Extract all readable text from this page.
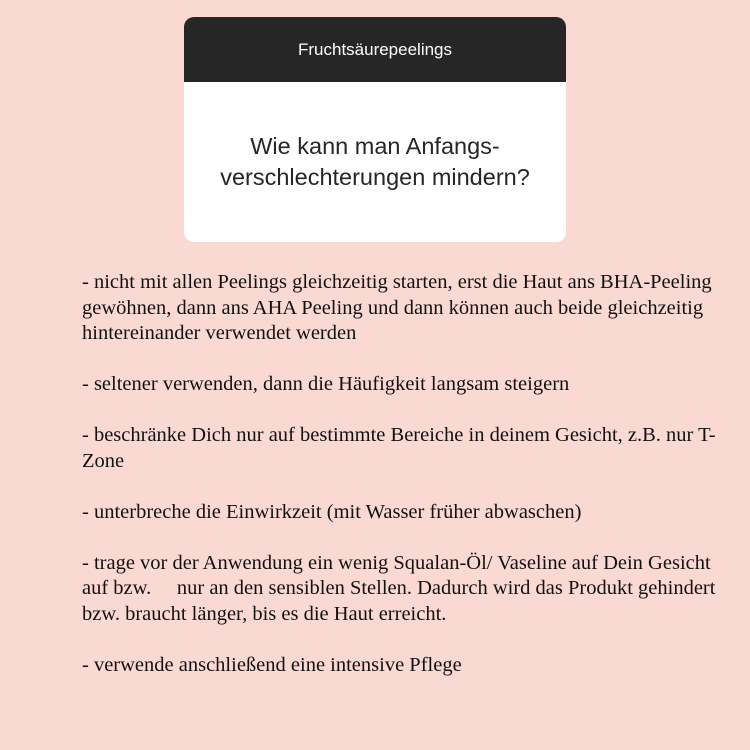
Fruchtsäurepeelings
Wie kann man Anfangs-verschlechterungen mindern?

- nicht mit allen Peelings gleichzeitig starten, erst die Haut ans BHA-Peeling gewöhnen, dann ans AHA Peeling und dann können auch beide gleichzeitig hintereinander verwendet werden

- seltener verwenden, dann die Häufigkeit langsam steigern

- beschränke Dich nur auf bestimmte Bereiche in deinem Gesicht, z.B. nur T-Zone

- unterbreche die Einwirkzeit (mit Wasser früher abwaschen)

- trage vor der Anwendung ein wenig Squalan-Öl/ Vaseline auf Dein Gesicht auf bzw.     nur an den sensiblen Stellen. Dadurch wird das Produkt gehindert bzw. braucht länger, bis es die Haut erreicht.

- verwende anschließend eine intensive Pflege
